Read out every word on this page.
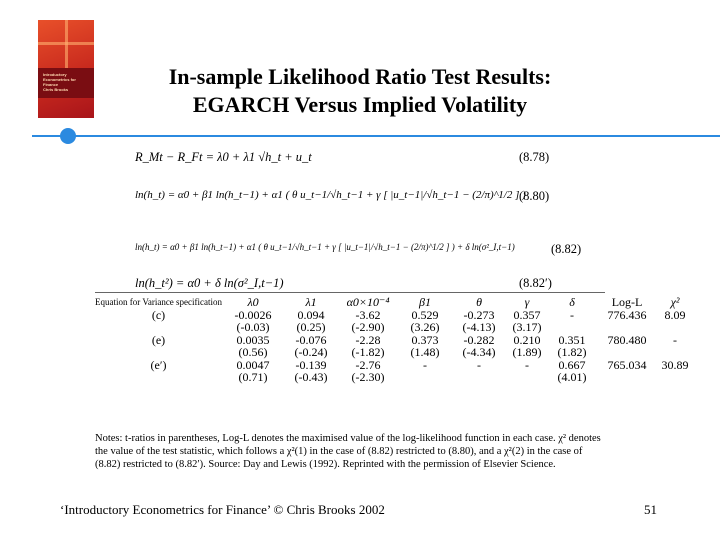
Introductory Econometrics for Finance
Chris Brooks
In-sample Likelihood Ratio Test Results:
EGARCH Versus Implied Volatility
R_Mt − R_Ft = λ0 + λ1 √h_t + u_t	(8.78)
ln(h_t) = α0 + β1 ln(h_t−1) + α1 ( θ u_t−1/√h_t−1 + γ [ |u_t−1|/√h_t−1 − (2/π)^1/2 ] )
(8.80)
ln(h_t) = α0 + β1 ln(h_t−1) + α1 ( θ u_t−1/√h_t−1 + γ [ |u_t−1|/√h_t−1 − (2/π)^1/2 ] ) + δ ln(σ²_I,t−1)	(8.82)
ln(h_t²) = α0 + δ ln(σ²_I,t−1)	(8.82′)
Equation for Variance specification	λ0	λ1	α0×10⁻⁴	β1	θ	γ	δ	Log-L	χ²
(c)	-0.0026	0.094	-3.62	0.529	-0.273	0.357	-	776.436	8.09
	(-0.03)	(0.25)	(-2.90)	(3.26)	(-4.13)	(3.17)			
(e)	0.0035	-0.076	-2.28	0.373	-0.282	0.210	0.351	780.480	-
	(0.56)	(-0.24)	(-1.82)	(1.48)	(-4.34)	(1.89)	(1.82)		
(e′)	0.0047	-0.139	-2.76	-	-	-	0.667	765.034	30.89
	(0.71)	(-0.43)	(-2.30)				(4.01)		
Notes: t-ratios in parentheses, Log-L denotes the maximised value of the log-likelihood function in each case. χ² denotes the value of the test statistic, which follows a χ²(1) in the case of (8.82) restricted to (8.80), and a χ²(2) in the case of (8.82) restricted to (8.82′). Source: Day and Lewis (1992). Reprinted with the permission of Elsevier Science.
‘Introductory Econometrics for Finance’ © Chris Brooks 2002	51
